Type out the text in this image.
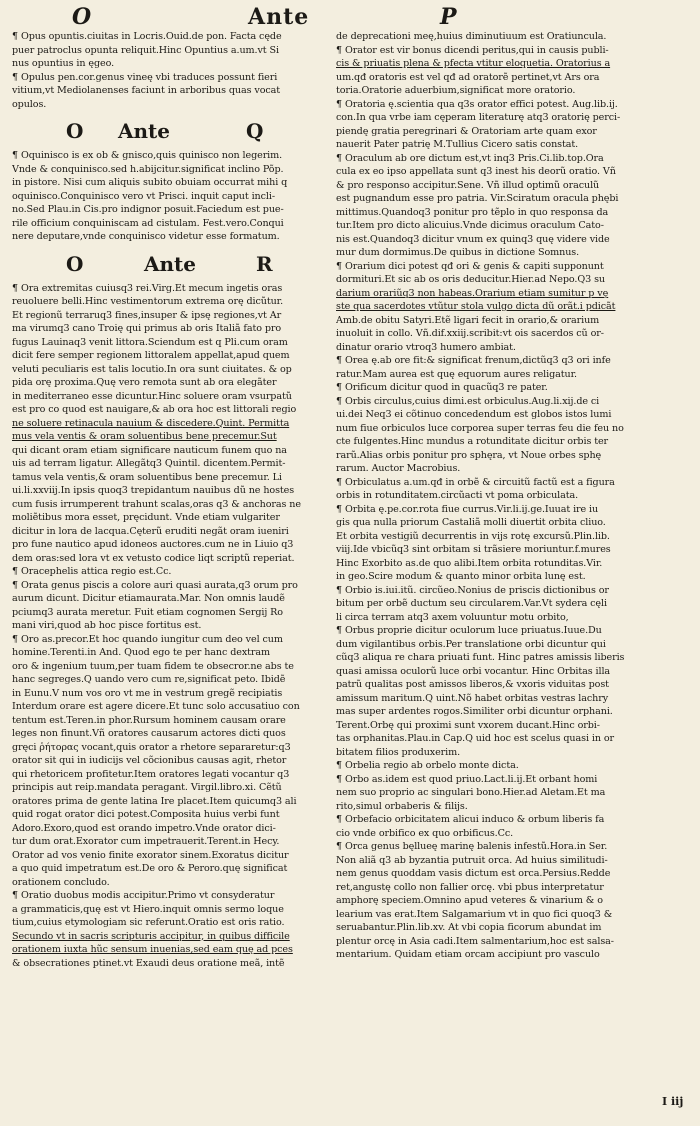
O	Ante
¶ Opus opuntis.ciuitas in Locris.Ouid.de pon. Facta cęde
puer patroclus opunta reliquit.Hinc Opuntius a.um.vt Si
nus opuntius in ęgeo.
¶ Opulus pen.cor.genus vineę vbi traduces possunt fieri
vitium,vt Mediolanenses faciunt in arboribus quas vocat
opulos.
O Ante	Q
¶ Oquinisco is ex ob & gnisco,quis quinisco non legerim.
Vnde & conquinisco.sed h.abijcitur.significat inclino Põp.
in pistore. Nisi cum aliquis subito obuiam occurrat mihi q
oquinisco.Conquinisco vero vt Prisci. inquit caput incli-
no.Sed Plau.in Cis.pro indignor posuit.Faciedum est pue-
rile officium conquiniscam ad cistulam. Fest.vero.Conqui
nere deputare,vnde conquinisco videtur esse formatum.
O	Ante	R
¶ Ora extremitas cuiusq3 rei.Virg.Et mecum ingetis oras
reuoluere belli.Hinc vestimentorum extrema orę dicũtur.
Et regionũ terraruq3 fines,insuper & ipsę regiones,vt Ar
ma virumq3 cano Troię qui primus ab oris Italiã fato pro
fugus Lauinaq3 venit littora.Sciendum est q Pli.cum oram
dicit fere semper regionem littoralem appellat,apud quem
veluti peculiaris est talis locutio.In ora sunt ciuitates. & op
pida orę proxima.Quę vero remota sunt ab ora elegãter
in mediterraneo esse dicuntur.Hinc soluere oram vsurpatũ
est pro co quod est nauigare,& ab ora hoc est littorali regio
ne soluere retinacula nauium & discedere.Quint. Permitta
mus vela ventis & oram soluentibus bene precemur.Sut
qui dicant oram etiam significare nauticum funem quo na
uis ad terram ligatur. Allegãtq3 Quintil. dicentem.Permit-
tamus vela ventis,& oram soluentibus bene precemur. Li
ui.li.xxviij.In ipsis quoq3 trepidantum nauibus dũ ne hostes
cum fusis irrumperent trahunt scalas,oras q3 & anchoras ne
moliẽtibus mora esset, pręcidunt. Vnde etiam vulgariter
dicitur in lora de lacqua.Cęterũ eruditi negãt oram iueniri
pro fune nautico apud idoneos auctores.cum ne in Liuio q3
dem oras:sed lora vt ex vetusto codice liqt scriptũ reperiat.
¶ Oracephelis attica regio est.Cc.
¶ Orata genus piscis a colore auri quasi aurata,q3 orum pro
aurum dicunt. Dicitur etiamaurata.Mar. Non omnis laudẽ
pciumq3 aurata meretur. Fuit etiam cognomen Sergij Ro
mani viri,quod ab hoc pisce fortitus est.
¶ Oro as.precor.Et hoc quando iungitur cum deo vel cum
homine.Terenti.in And. Quod ego te per hanc dextram
oro & ingenium tuum,per tuam fidem te obsecror.ne abs te
hanc segreges.Q uando vero cum re,significat peto. Ibidẽ
in Eunu.V num vos oro vt me in vestrum gregẽ recipiatis
Interdum orare est agere dicere.Et tunc solo accusatiuo con
tentum est.Teren.in phor.Rursum hominem causam orare
leges non finunt.Vñ oratores causarum actores dicti quos
gręci ῥήτορας vocant,quis orator a rhetore separaretur:q3
orator sit qui in iudicijs vel cõcionibus causas agit, rhetor
qui rhetoricem profitetur.Item oratores legati vocantur q3
principis aut reip.mandata peragant. Virgil.libro.xi. Cẽtũ
oratores prima de gente latina Ire placet.Item quicumq3 ali
quid rogat orator dici potest.Composita huius verbi funt
Adoro.Exoro,quod est orando impetro.Vnde orator dici-
tur dum orat.Exorator cum impetrauerit.Terent.in Hecy.
Orator ad vos venio finite exorator sinem.Exoratus dicitur
a quo quid impetratum est.De oro & Peroro.quę significat
orationem concludo.
¶ Oratio duobus modis accipitur.Primo vt consyderatur
a grammaticis,quę est vt Hiero.inquit omnis sermo loque
tium,cuius etymologiam sic referunt.Oratio est oris ratio.
Secundo vt in sacris scripturis accipitur, in quibus difficile
orationem iuxta hũc sensum inuenias,sed eam quę ad pces
& obsecrationes ptinet.vt Exaudi deus oratione meã, intẽ
P
de deprecationi meę,huius diminutiuum est Oratiuncula.
¶ Orator est vir bonus dicendi peritus,qui in causis publi-
cis & priuatis plena & pfecta vtitur eloquetia. Oratorius a
um.qđ oratoris est vel qđ ad oratorẽ pertinet,vt Ars ora
toria.Oratorie aduerbium,significat more oratorio.
¶ Oratoria ę.scientia qua q3s orator effici potest. Aug.lib.ij.
con.In qua vrbe iam cęperam literaturę atq3 oratorię perci-
piendę gratia peregrinari & Oratoriam arte quam exor
nauerit Pater patrię M.Tullius Cicero satis constat.
¶ Oraculum ab ore dictum est,vt inq3 Pris.Ci.lib.top.Ora
cula ex eo ipso appellata sunt q3 inest his deorũ oratio. Vñ
& pro responso accipitur.Sene. Vñ illud optimũ oraculũ
est pugnandum esse pro patria. Vir.Sciratum oracula phębi
mittimus.Quandoq3 ponitur pro tẽplo in quo responsa da
tur.Item pro dicto alicuius.Vnde dicimus oraculum Cato-
nis est.Quandoq3 dicitur vnum ex quinq3 quę videre vide
mur dum dormimus.De quibus in dictione Somnus.
¶ Orarium dici potest qđ ori & genis & capiti supponunt
dormituri.Et sic ab os oris deducitur.Hier.ad Nepo.Q3 su
darium orariũq3 non habeas.Orarium etiam sumitur p vę
ste qua sacerdotes vtũtur stola vulgo dicta dũ orãt.i pdicãt
Amb.de obitu Satyri.Etẽ ligari fecit in orario,& orarium
inuoluit in collo. Vñ.dif.xxiij.scribit:vt ois sacerdos cũ or-
dinatur orario vtroq3 humero ambiat.
¶ Orea ę.ab ore fit:& significat frenum,dictũq3 q3 ori infe
ratur.Mam aurea est quę equorum aures religatur.
¶ Orificum dicitur quod in quacũq3 re pater.
¶ Orbis circulus,cuius dimi.est orbiculus.Aug.li.xij.de ci
ui.dei Neq3 ei cõtinuo concedendum est globos istos lumi
num fiue orbiculos luce corporea super terras feu die feu no
cte fulgentes.Hinc mundus a rotunditate dicitur orbis ter
rarũ.Alias orbis ponitur pro sphęra, vt Noue orbes sphę
rarum. Auctor Macrobius.
¶ Orbiculatus a.um.qđ in orbẽ & circuitũ factũ est a figura
orbis in rotunditatem.circũacti vt poma orbiculata.
¶ Orbita ę.pe.cor.rota fiue currus.Vir.li.ij.ge.Iuuat ire iu
gis qua nulla priorum Castaliã molli diuertit orbita cliuo.
Et orbita vestigiũ decurrentis in vijs rotę excursũ.Plin.lib.
viij.Ide vbicũq3 sint orbitam si trãsiere moriuntur.f.mures
Hinc Exorbito as.de quo alibi.Item orbita rotunditas.Vir.
in geo.Scire modum & quanto minor orbita lunę est.
¶ Orbio is.iui.itũ. circũeo.Nonius de priscis dictionibus or
bitum per orbẽ ductum seu circularem.Var.Vt sydera cęli
li circa terram atq3 axem voluuntur motu orbito,
¶ Orbus proprie dicitur oculorum luce priuatus.Iuue.Du
dum vigilantibus orbis.Per translatione orbi dicuntur qui
cũq3 aliqua re chara priuati funt. Hinc patres amissis liberis
quasi amissa oculorũ luce orbi vocantur. Hinc Orbitas illa
patrũ qualitas post amissos liberos,& vxoris viduitas post
amissum maritum.Q uint.Nõ habet orbitas vestras lachry
mas super ardentes rogos.Similiter orbi dicuntur orphani.
Terent.Orbę qui proximi sunt vxorem ducant.Hinc orbi-
tas orphanitas.Plau.in Cap.Q uid hoc est scelus quasi in or
bitatem filios produxerim.
¶ Orbelia regio ab orbelo monte dicta.
¶ Orbo as.idem est quod priuo.Lact.li.ij.Et orbant homi
nem suo proprio ac singulari bono.Hier.ad Aletam.Et ma
rito,simul orbaberis & filijs.
¶ Orbefacio orbicitatem alicui induco & orbum liberis fa
cio vnde orbifico ex quo orbificus.Cc.
¶ Orca genus bęllueę marinę balenis infestũ.Hora.in Ser.
Non aliã q3 ab byzantia putruit orca. Ad huius similitudi-
nem genus quoddam vasis dictum est orca.Persius.Redde
ret,angustę collo non fallier orcę. vbi pbus interpretatur
amphorę speciem.Omnino apud veteres & vinarium & o
learium vas erat.Item Salgamarium vt in quo fici quoq3 &
seruabantur.Plin.lib.xv. At vbi copia ficorum abundat im
plentur orcę in Asia cadi.Item salmentarium,hoc est salsa-
mentarium. Quidam etiam orcam accipiunt pro vasculo
I iij
